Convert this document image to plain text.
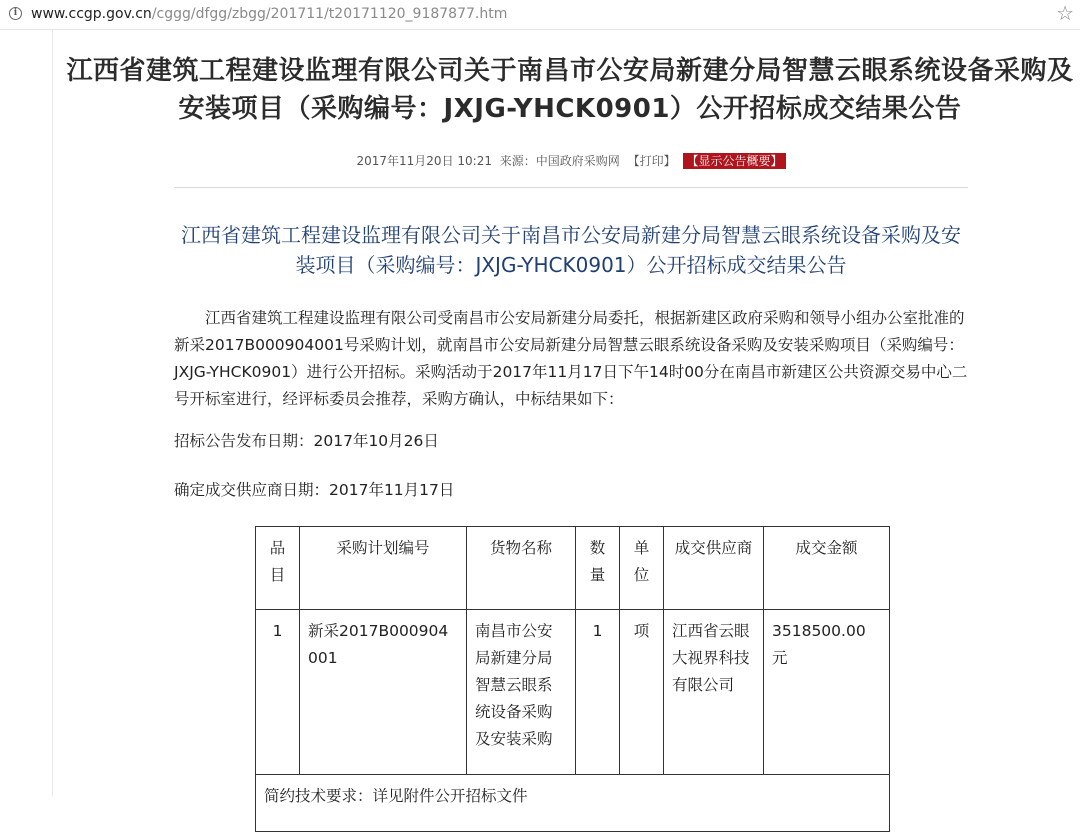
i www.ccgp.gov.cn/cggg/dfgg/zbgg/201711/t20171120_9187877.htm	☆
江西省建筑工程建设监理有限公司关于南昌市公安局新建分局智慧云眼系统设备采购及安装项目（采购编号：JXJG-YHCK0901）公开招标成交结果公告
2017年11月20日 10:21 来源：中国政府采购网 【打印】 【显示公告概要】
江西省建筑工程建设监理有限公司关于南昌市公安局新建分局智慧云眼系统设备采购及安装项目（采购编号：JXJG-YHCK0901）公开招标成交结果公告
江西省建筑工程建设监理有限公司受南昌市公安局新建分局委托，根据新建区政府采购和领导小组办公室批准的新采2017B000904001号采购计划，就南昌市公安局新建分局智慧云眼系统设备采购及安装采购项目（采购编号：JXJG-YHCK0901）进行公开招标。采购活动于2017年11月17日下午14时00分在南昌市新建区公共资源交易中心二号开标室进行，经评标委员会推荐，采购方确认，中标结果如下：
招标公告发布日期：2017年10月26日
确定成交供应商日期：2017年11月17日
品目	采购计划编号	货物名称	数量	单位	成交供应商	成交金额
1	新采2017B000904001	南昌市公安局新建分局智慧云眼系统设备采购及安装采购	1	项	江西省云眼大视界科技有限公司	3518500.00元
简约技术要求：详见附件公开招标文件						
